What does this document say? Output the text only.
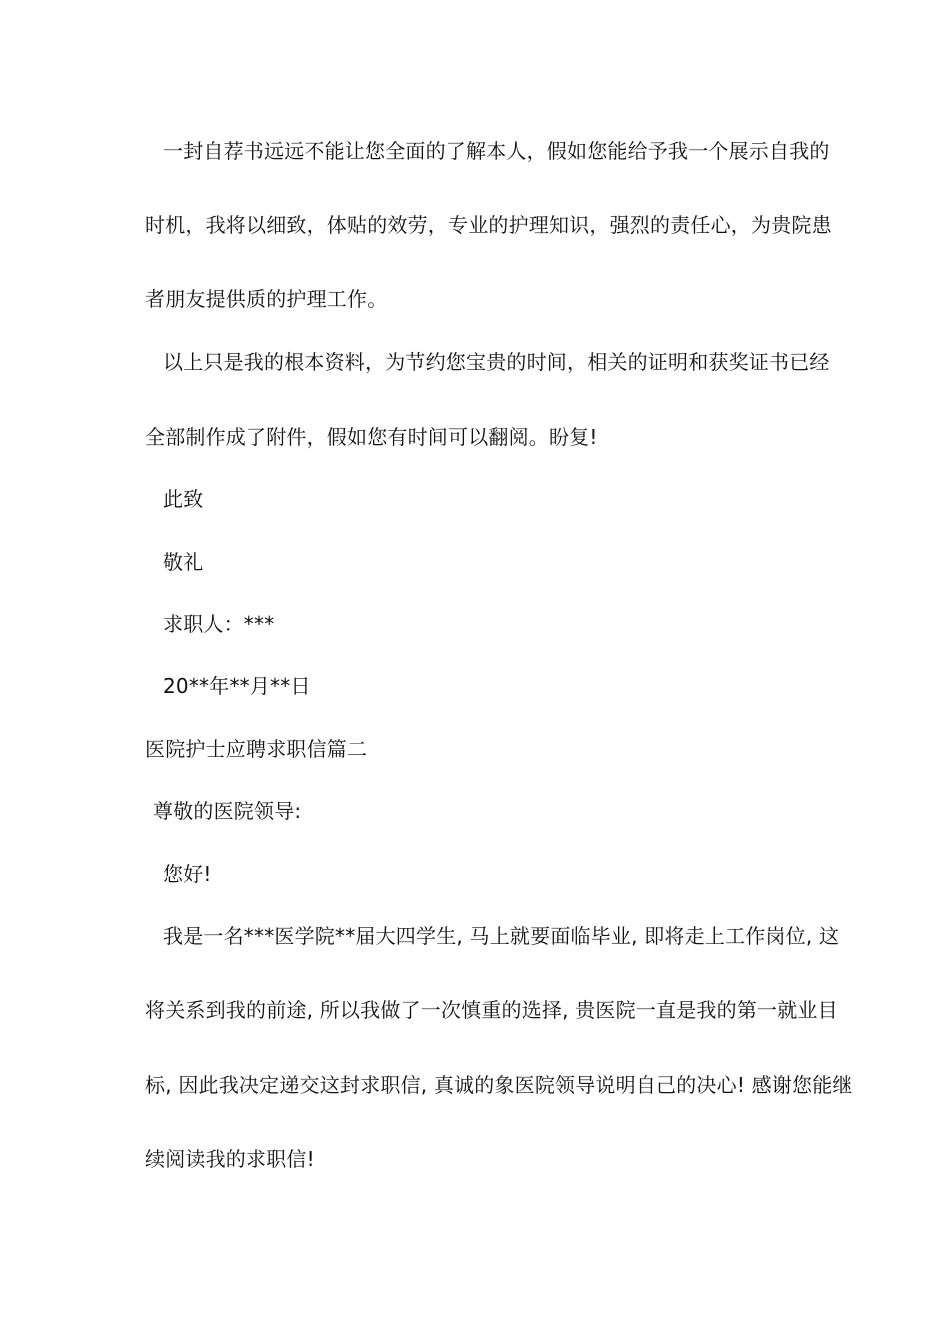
一封自荐书远远不能让您全面的了解本人，假如您能给予我一个展示自我的
时机，我将以细致，体贴的效劳，专业的护理知识，强烈的责任心，为贵院患
者朋友提供质的护理工作。
以上只是我的根本资料，为节约您宝贵的时间，相关的证明和获奖证书已经
全部制作成了附件，假如您有时间可以翻阅。盼复!
此致
敬礼
求职人：***
20**年**月**日
医院护士应聘求职信篇二
尊敬的医院领导:
您好!
我是一名***医学院**届大四学生, 马上就要面临毕业, 即将走上工作岗位, 这
将关系到我的前途, 所以我做了一次慎重的选择, 贵医院一直是我的第一就业目
标, 因此我决定递交这封求职信, 真诚的象医院领导说明自己的决心! 感谢您能继
续阅读我的求职信!
